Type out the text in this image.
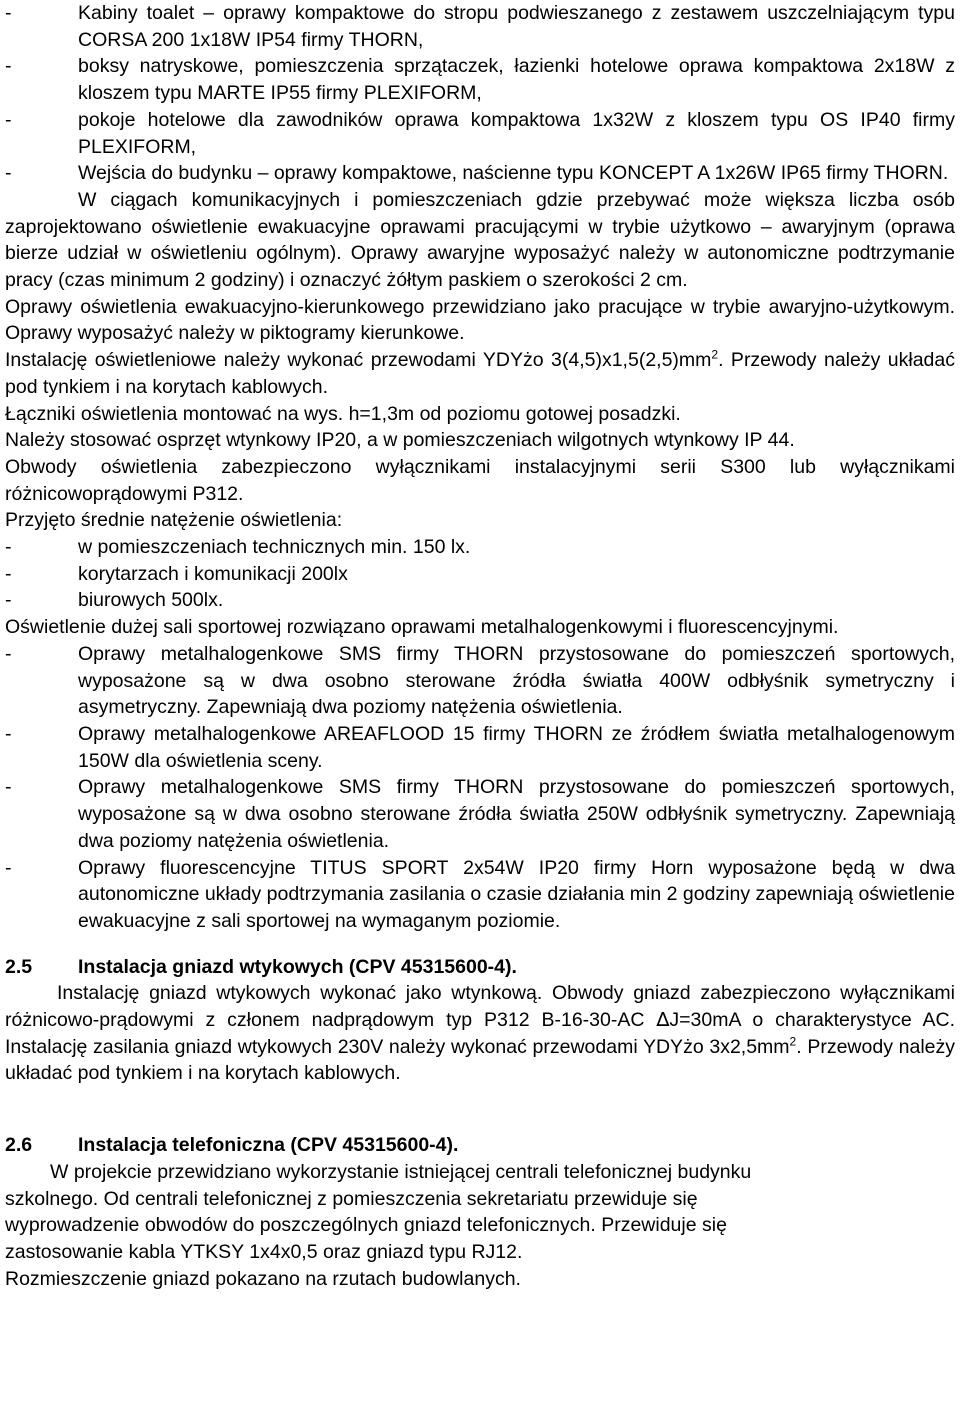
-	Kabiny toalet – oprawy kompaktowe do stropu podwieszanego z zestawem uszczelniającym typu CORSA 200 1x18W IP54 firmy THORN,
-	boksy natryskowe, pomieszczenia sprzątaczek, łazienki hotelowe oprawa kompaktowa 2x18W z kloszem typu MARTE IP55 firmy PLEXIFORM,
-	pokoje hotelowe dla zawodników oprawa kompaktowa 1x32W z kloszem typu OS IP40 firmy PLEXIFORM,
-	Wejścia do budynku – oprawy kompaktowe, naścienne typu KONCEPT A 1x26W IP65 firmy THORN.

W ciągach komunikacyjnych i pomieszczeniach gdzie przebywać może większa liczba osób zaprojektowano oświetlenie ewakuacyjne oprawami pracującymi w trybie użytkowo – awaryjnym (oprawa bierze udział w oświetleniu ogólnym). Oprawy awaryjne wyposażyć należy w autonomiczne podtrzymanie pracy (czas minimum 2 godziny) i oznaczyć żółtym paskiem o szerokości 2 cm.

Oprawy oświetlenia ewakuacyjno-kierunkowego przewidziano jako pracujące w trybie awaryjno-użytkowym. Oprawy wyposażyć należy w piktogramy kierunkowe.

Instalację oświetleniowe należy wykonać przewodami YDYżo $3(4,5)x1,5(2,5)mm^2$. Przewody należy układać pod tynkiem i na korytach kablowych.

Łączniki oświetlenia montować na wys. h=1,3m od poziomu gotowej posadzki.

Należy stosować osprzęt wtynkowy IP20, a w pomieszczeniach wilgotnych wtynkowy IP 44.

Obwody oświetlenia zabezpieczono wyłącznikami instalacyjnymi serii S300 lub wyłącznikami różnicowoprądowymi P312.

Przyjęto średnie natężenie oświetlenia:

-	w pomieszczeniach technicznych min. 150 lx.
-	korytarzach i komunikacji 200lx
-	biurowych 500lx.

Oświetlenie dużej sali sportowej rozwiązano oprawami metalhalogenkowymi i fluorescencyjnymi.

-	Oprawy metalhalogenkowe SMS firmy THORN przystosowane do pomieszczeń sportowych, wyposażone są w dwa osobno sterowane źródła światła 400W odbłyśnik symetryczny i asymetryczny. Zapewniają dwa poziomy natężenia oświetlenia.
-	Oprawy metalhalogenkowe AREAFLOOD 15 firmy THORN ze źródłem światła metalhalogenowym 150W dla oświetlenia sceny.
-	Oprawy metalhalogenkowe SMS firmy THORN przystosowane do pomieszczeń sportowych, wyposażone są w dwa osobno sterowane źródła światła 250W odbłyśnik symetryczny. Zapewniają dwa poziomy natężenia oświetlenia.
-	Oprawy fluorescencyjne TITUS SPORT 2x54W IP20 firmy Horn wyposażone będą w dwa autonomiczne układy podtrzymania zasilania o czasie działania min 2 godziny zapewniają oświetlenie ewakuacyjne z sali sportowej na wymaganym poziomie.
2.5	Instalacja gniazd wtykowych (CPV 45315600-4).

Instalację gniazd wtykowych wykonać jako wtynkową. Obwody gniazd zabezpieczono wyłącznikami różnicowo-prądowymi z członem nadprądowym typ P312 B-16-30-AC ∆J=30mA o charakterystyce AC. Instalację zasilania gniazd wtykowych 230V należy wykonać przewodami YDYżo $3x2,5mm^2$. Przewody należy układać pod tynkiem i na korytach kablowych.

2.6	Instalacja telefoniczna (CPV 45315600-4).

W projekcie przewidziano wykorzystanie istniejącej centrali telefonicznej budynku

szkolnego. Od centrali telefonicznej z pomieszczenia sekretariatu przewiduje się

wyprowadzenie obwodów do poszczególnych gniazd telefonicznych. Przewiduje się

zastosowanie kabla YTKSY 1x4x0,5 oraz gniazd typu RJ12.

Rozmieszczenie gniazd pokazano na rzutach budowlanych.
